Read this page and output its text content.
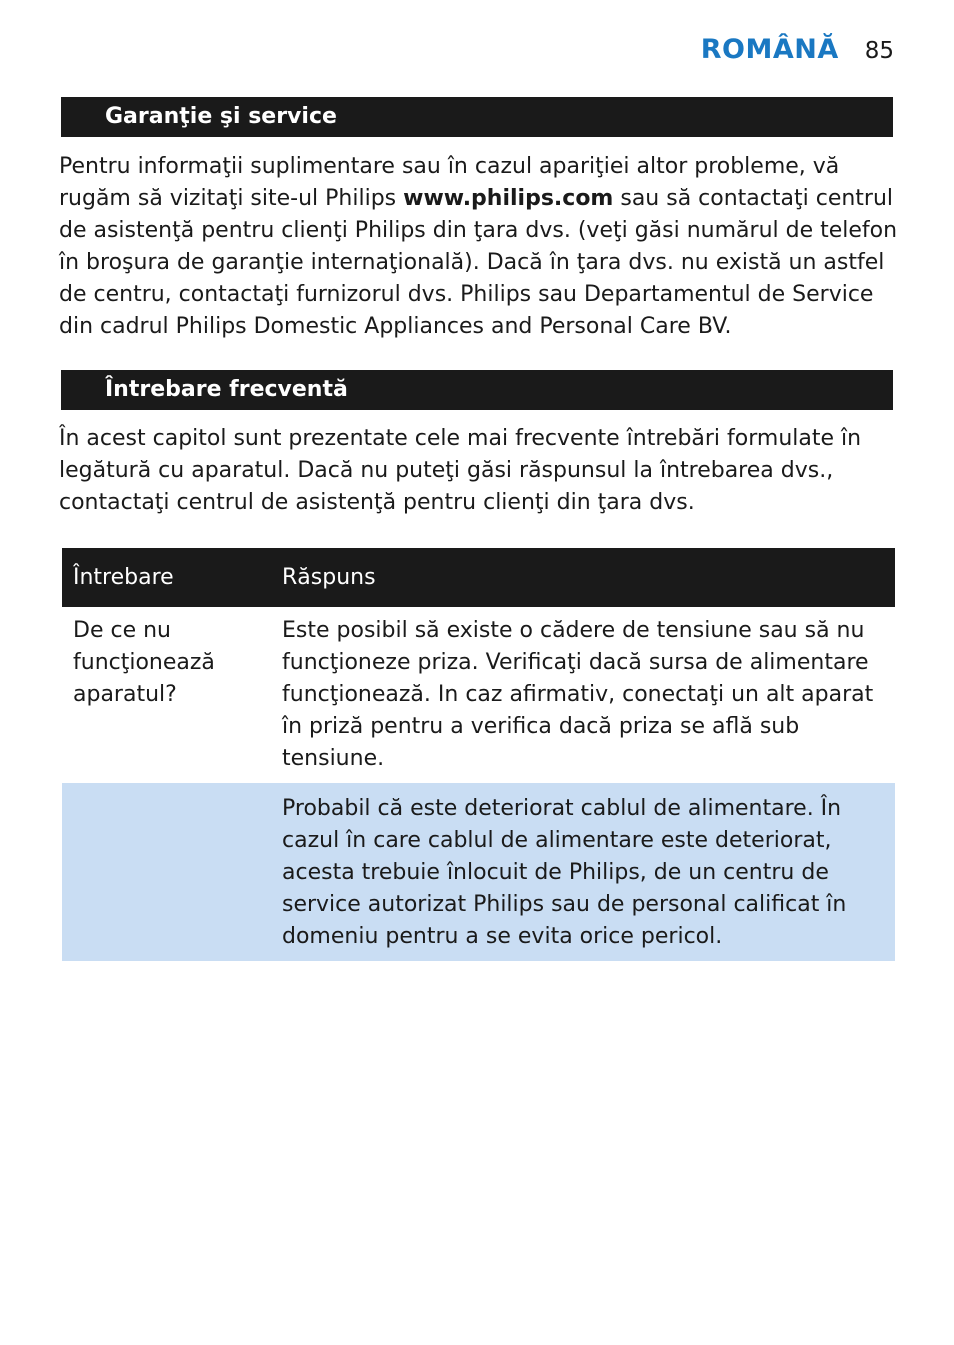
ROMÂNĂ 85
Garanţie şi service

Pentru informaţii suplimentare sau în cazul apariţiei altor probleme, vă rugăm să vizitaţi site-ul Philips www.philips.com sau să contactaţi centrul de asistenţă pentru clienţi Philips din ţara dvs. (veţi găsi numărul de telefon în broşura de garanţie internaţională). Dacă în ţara dvs. nu există un astfel de centru, contactaţi furnizorul dvs. Philips sau Departamentul de Service din cadrul Philips Domestic Appliances and Personal Care BV.

Întrebare frecventă

În acest capitol sunt prezentate cele mai frecvente întrebări formulate în legătură cu aparatul. Dacă nu puteţi găsi răspunsul la întrebarea dvs., contactaţi centrul de asistenţă pentru clienţi din ţara dvs.

Întrebare	Răspuns
De ce nu funcţionează aparatul?	Este posibil să existe o cădere de tensiune sau să nu funcţioneze priza. Verificaţi dacă sursa de alimentare funcţionează. In caz afirmativ, conectaţi un alt aparat în priză pentru a verifica dacă priza se află sub tensiune.
	Probabil că este deteriorat cablul de alimentare. În cazul în care cablul de alimentare este deteriorat, acesta trebuie înlocuit de Philips, de un centru de service autorizat Philips sau de personal calificat în domeniu pentru a se evita orice pericol.
